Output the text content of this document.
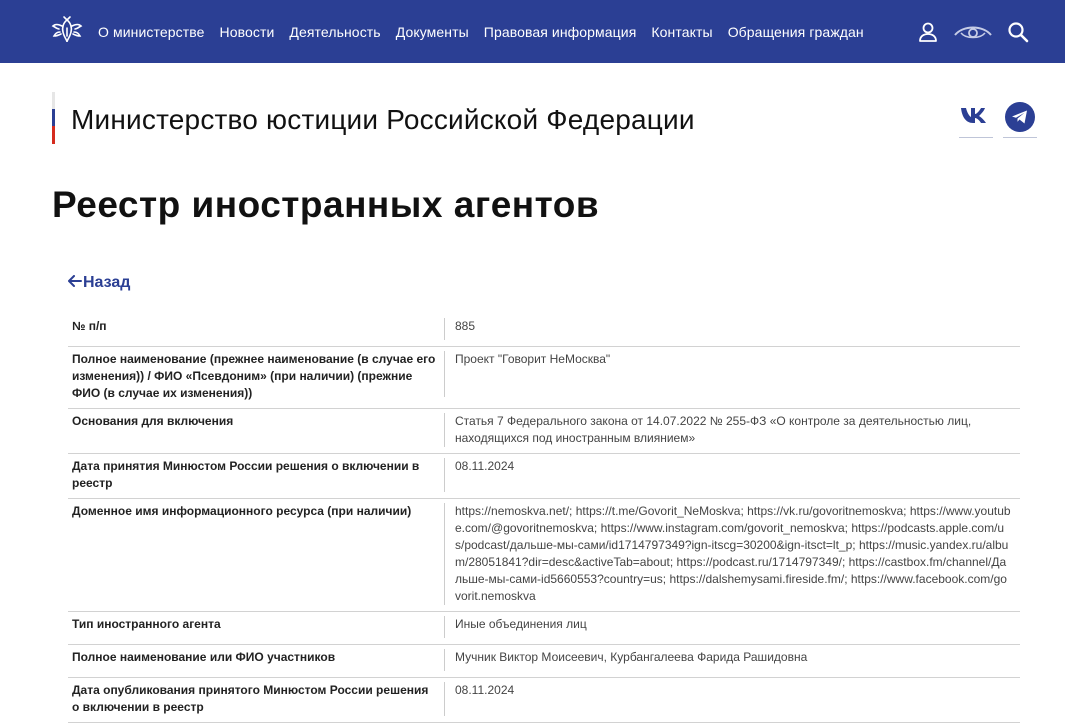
О министерстве Новости Деятельность Документы Правовая информация Контакты Обращения граждан
Министерство юстиции Российской Федерации
Реестр иностранных агентов
Назад
№ п/п	885

Полное наименование (прежнее наименование (в случае его изменения)) / ФИО «Псевдоним» (при наличии) (прежние ФИО (в случае их изменения))	Проект "Говорит НеМосква"

Основания для включения	Статья 7 Федерального закона от 14.07.2022 № 255-ФЗ «О контроле за деятельностью лиц, находящихся под иностранным влиянием»

Дата принятия Минюстом России решения о включении в реестр	08.11.2024

Доменное имя информационного ресурса (при наличии)	https://nemoskva.net/; https://t.me/Govorit_NeMoskva; https://vk.ru/govoritnemoskva; https://www.youtube.com/@govoritnemoskva; https://www.instagram.com/govorit_nemoskva; https://podcasts.apple.com/us/podcast/дальше-мы-сами/id1714797349?ign-itscg=30200&ign-itsct=lt_p; https://music.yandex.ru/album/28051841?dir=desc&activeTab=about; https://podcast.ru/1714797349/; https://castbox.fm/channel/Дальше-мы-сами-id5660553?country=us; https://dalshemysami.fireside.fm/; https://www.facebook.com/govorit.nemoskva

Тип иностранного агента	Иные объединения лиц

Полное наименование или ФИО участников	Мучник Виктор Моисеевич, Курбангалеева Фарида Рашидовна

Дата опубликования принятого Минюстом России решения о включении в реестр	08.11.2024
